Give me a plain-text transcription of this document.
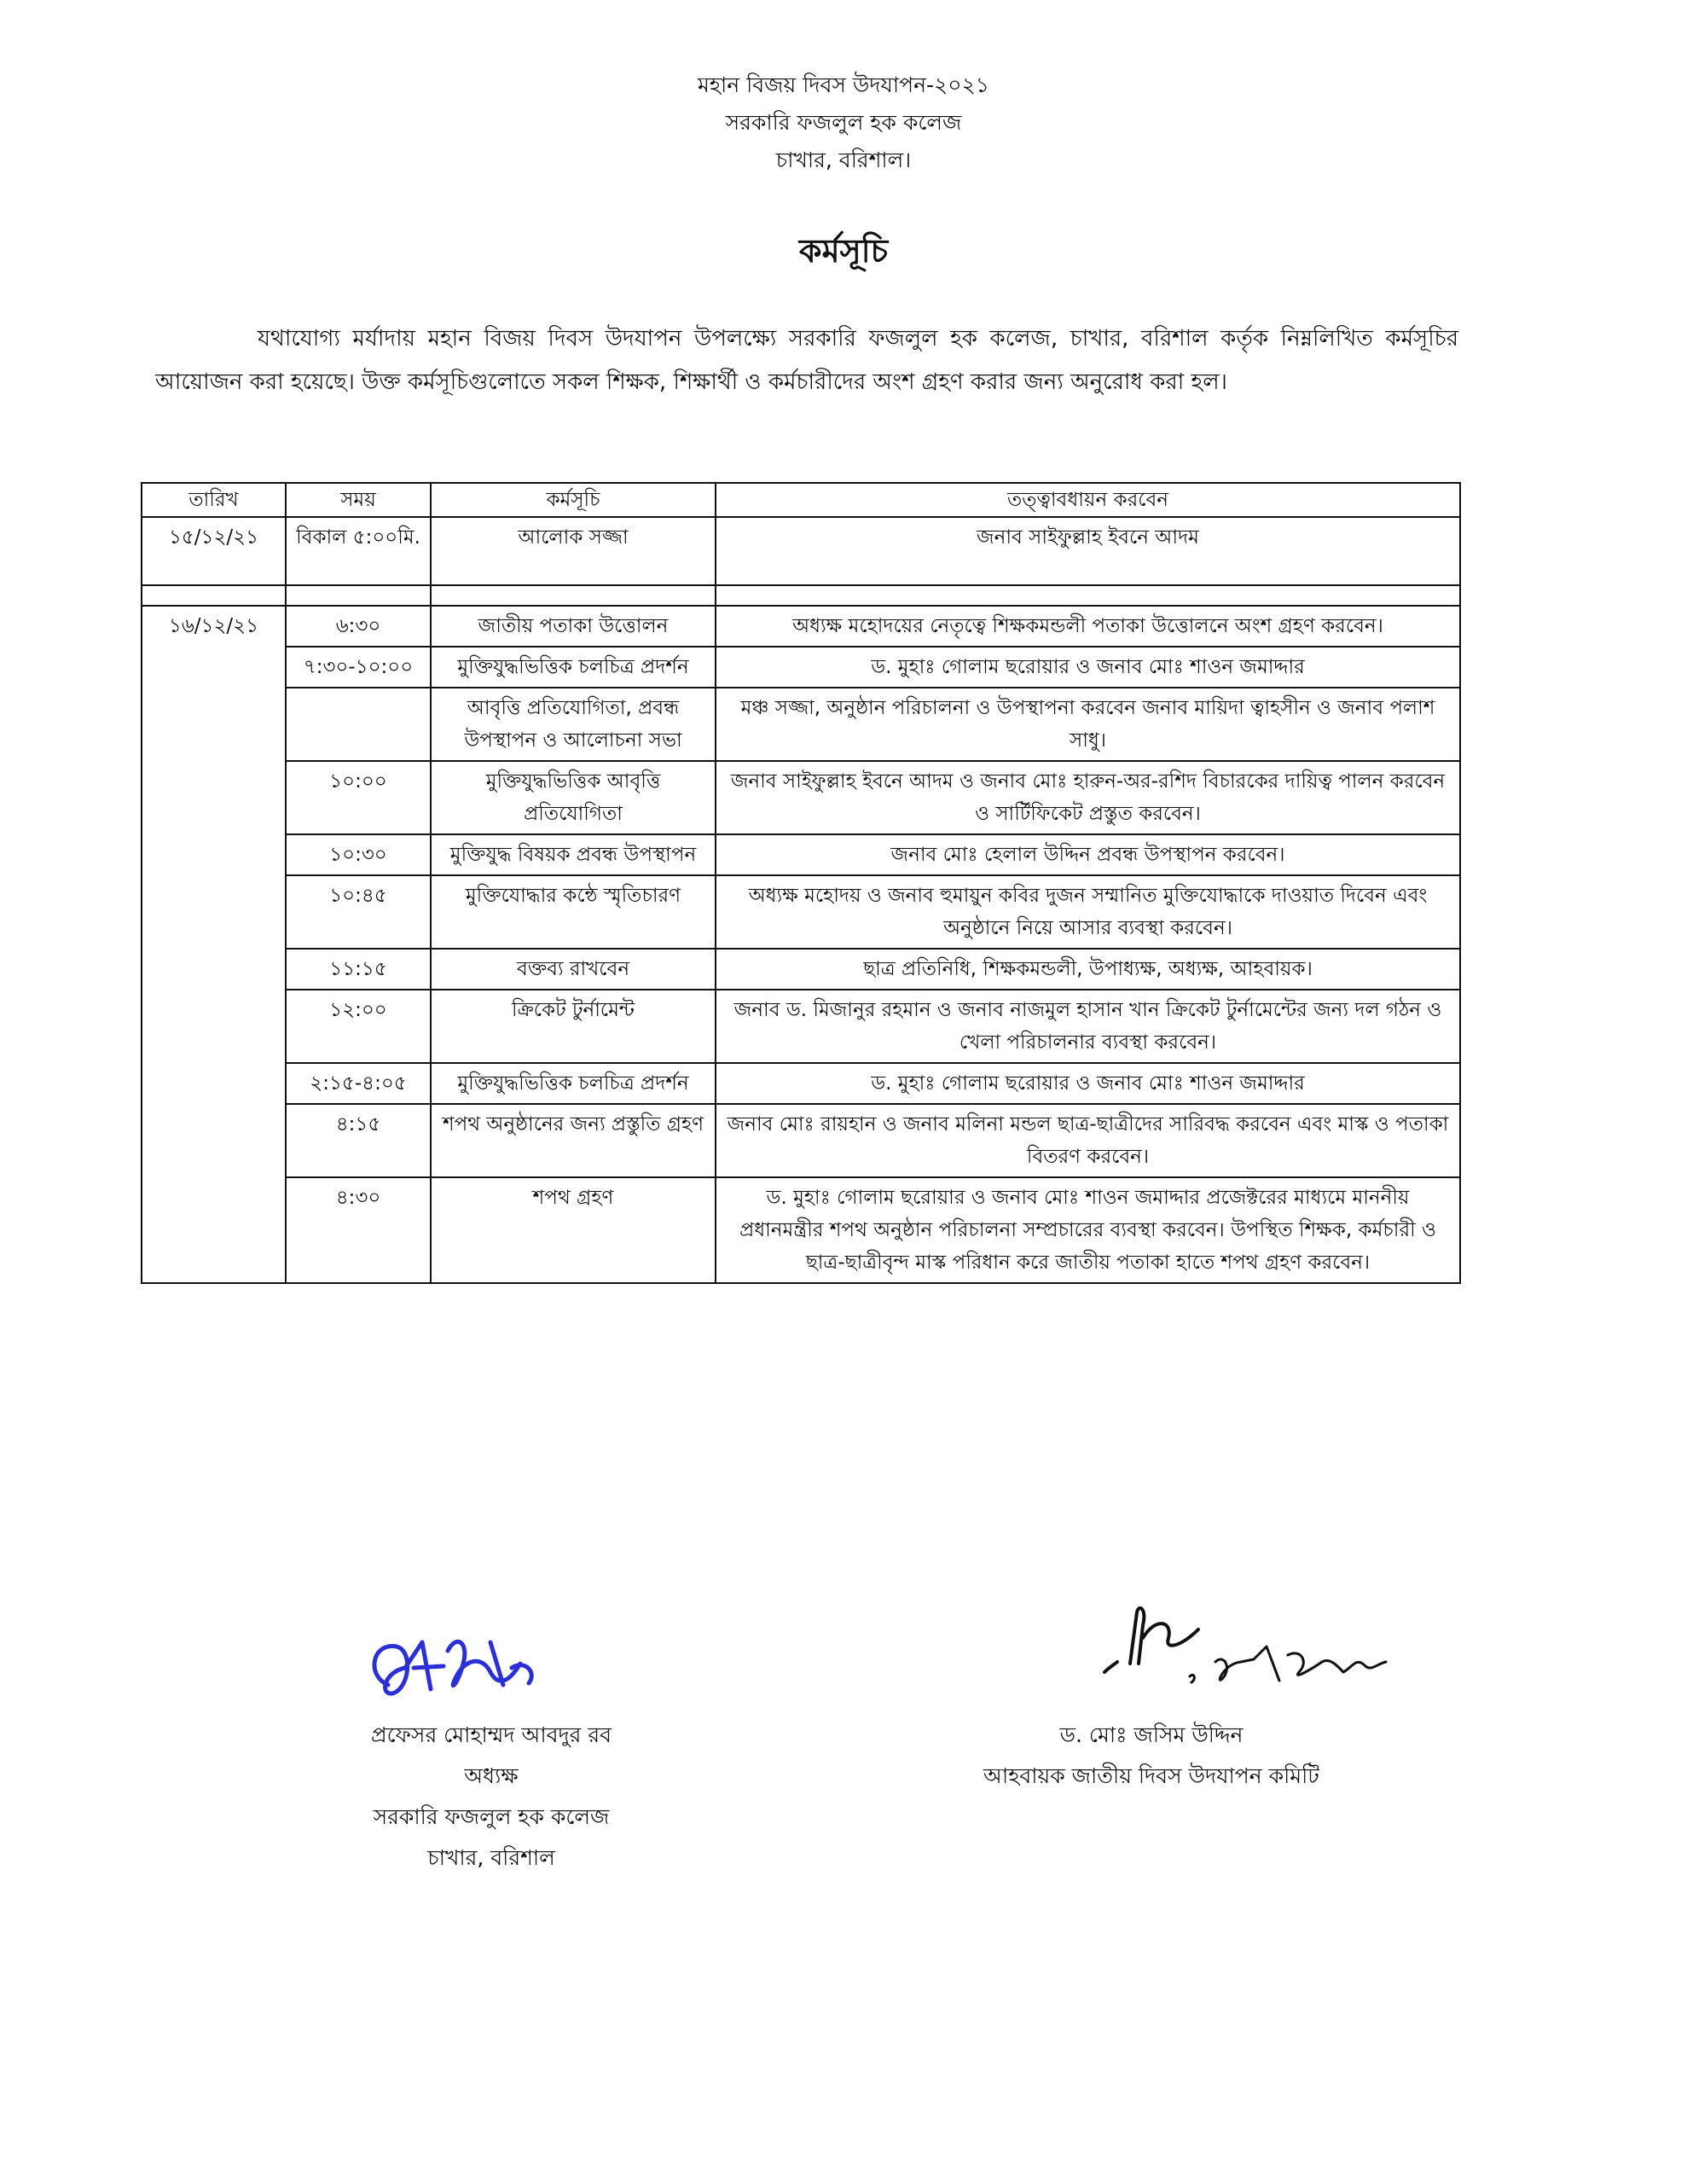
মহান বিজয় দিবস উদযাপন-২০২১
সরকারি ফজলুল হক কলেজ
চাখার, বরিশাল।
কর্মসূচি
যথাযোগ্য মর্যাদায় মহান বিজয় দিবস উদযাপন উপলক্ষ্যে সরকারি ফজলুল হক কলেজ, চাখার, বরিশাল কর্তৃক নিম্নলিখিত কর্মসূচির আয়োজন করা হয়েছে। উক্ত কর্মসূচিগুলোতে সকল শিক্ষক, শিক্ষার্থী ও কর্মচারীদের অংশ গ্রহণ করার জন্য অনুরোধ করা হল।
তারিখ	সময়	কর্মসূচি	তত্ত্বাবধায়ন করবেন
১৫/১২/২১	বিকাল ৫:০০মি.	আলোক সজ্জা	জনাব সাইফুল্লাহ ইবনে আদম

১৬/১২/২১	৬:৩০	জাতীয় পতাকা উত্তোলন	অধ্যক্ষ মহোদয়ের নেতৃত্বে শিক্ষকমন্ডলী পতাকা উত্তোলনে অংশ গ্রহণ করবেন।
	৭:৩০-১০:০০	মুক্তিযুদ্ধভিত্তিক চলচিত্র প্রদর্শন	ড. মুহাঃ গোলাম ছরোয়ার ও জনাব মোঃ শাওন জমাদ্দার
		আবৃত্তি প্রতিযোগিতা, প্রবন্ধ উপস্থাপন ও আলোচনা সভা	মঞ্চ সজ্জা, অনুষ্ঠান পরিচালনা ও উপস্থাপনা করবেন জনাব মায়িদা ত্বাহসীন ও জনাব পলাশ সাধু।
	১০:০০	মুক্তিযুদ্ধভিত্তিক আবৃত্তি প্রতিযোগিতা	জনাব সাইফুল্লাহ ইবনে আদম ও জনাব মোঃ হারুন-অর-রশিদ বিচারকের দায়িত্ব পালন করবেন ও সার্টিফিকেট প্রস্তুত করবেন।
	১০:৩০	মুক্তিযুদ্ধ বিষয়ক প্রবন্ধ উপস্থাপন	জনাব মোঃ হেলাল উদ্দিন প্রবন্ধ উপস্থাপন করবেন।
	১০:৪৫	মুক্তিযোদ্ধার কন্ঠে স্মৃতিচারণ	অধ্যক্ষ মহোদয় ও জনাব হুমায়ুন কবির দুজন সম্মানিত মুক্তিযোদ্ধাকে দাওয়াত দিবেন এবং অনুষ্ঠানে নিয়ে আসার ব্যবস্থা করবেন।
	১১:১৫	বক্তব্য রাখবেন	ছাত্র প্রতিনিধি, শিক্ষকমন্ডলী, উপাধ্যক্ষ, অধ্যক্ষ, আহবায়ক।
	১২:০০	ক্রিকেট টুর্নামেন্ট	জনাব ড. মিজানুর রহমান ও জনাব নাজমুল হাসান খান ক্রিকেট টুর্নামেন্টের জন্য দল গঠন ও খেলা পরিচালনার ব্যবস্থা করবেন।
	২:১৫-৪:০৫	মুক্তিযুদ্ধভিত্তিক চলচিত্র প্রদর্শন	ড. মুহাঃ গোলাম ছরোয়ার ও জনাব মোঃ শাওন জমাদ্দার
	৪:১৫	শপথ অনুষ্ঠানের জন্য প্রস্তুতি গ্রহণ	জনাব মোঃ রায়হান ও জনাব মলিনা মন্ডল ছাত্র-ছাত্রীদের সারিবদ্ধ করবেন এবং মাস্ক ও পতাকা বিতরণ করবেন।
	৪:৩০	শপথ গ্রহণ	ড. মুহাঃ গোলাম ছরোয়ার ও জনাব মোঃ শাওন জমাদ্দার প্রজেক্টরের মাধ্যমে মাননীয় প্রধানমন্ত্রীর শপথ অনুষ্ঠান পরিচালনা সম্প্রচারের ব্যবস্থা করবেন। উপস্থিত শিক্ষক, কর্মচারী ও ছাত্র-ছাত্রীবৃন্দ মাস্ক পরিধান করে জাতীয় পতাকা হাতে শপথ গ্রহণ করবেন।
প্রফেসর মোহাম্মদ আবদুর রব
অধ্যক্ষ
সরকারি ফজলুল হক কলেজ
চাখার, বরিশাল
ড. মোঃ জসিম উদ্দিন
আহবায়ক জাতীয় দিবস উদযাপন কমিটি
